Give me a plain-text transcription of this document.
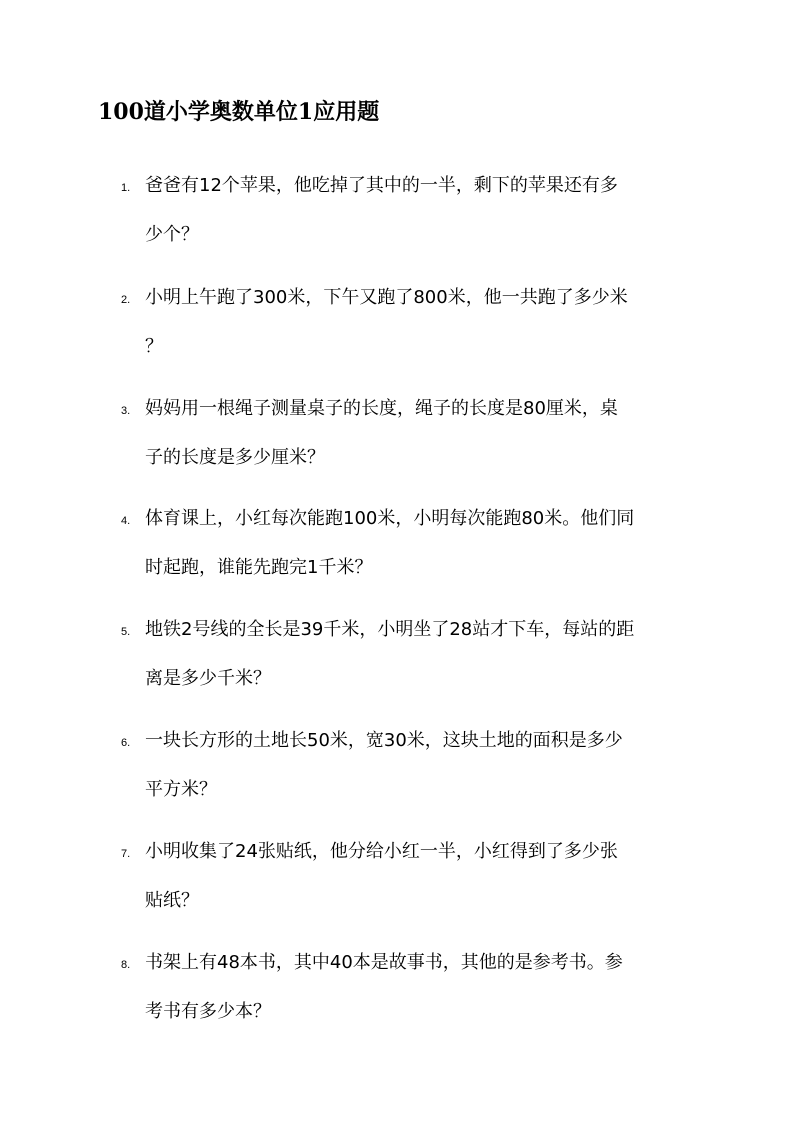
100道小学奥数单位1应用题
1. 爸爸有12个苹果，他吃掉了其中的一半，剩下的苹果还有多
少个？
2. 小明上午跑了300米，下午又跑了800米，他一共跑了多少米
？
3. 妈妈用一根绳子测量桌子的长度，绳子的长度是80厘米，桌
子的长度是多少厘米？
4. 体育课上，小红每次能跑100米，小明每次能跑80米。他们同
时起跑，谁能先跑完1千米？
5. 地铁2号线的全长是39千米，小明坐了28站才下车，每站的距
离是多少千米？
6. 一块长方形的土地长50米，宽30米，这块土地的面积是多少
平方米？
7. 小明收集了24张贴纸，他分给小红一半，小红得到了多少张
贴纸？
8. 书架上有48本书，其中40本是故事书，其他的是参考书。参
考书有多少本？
